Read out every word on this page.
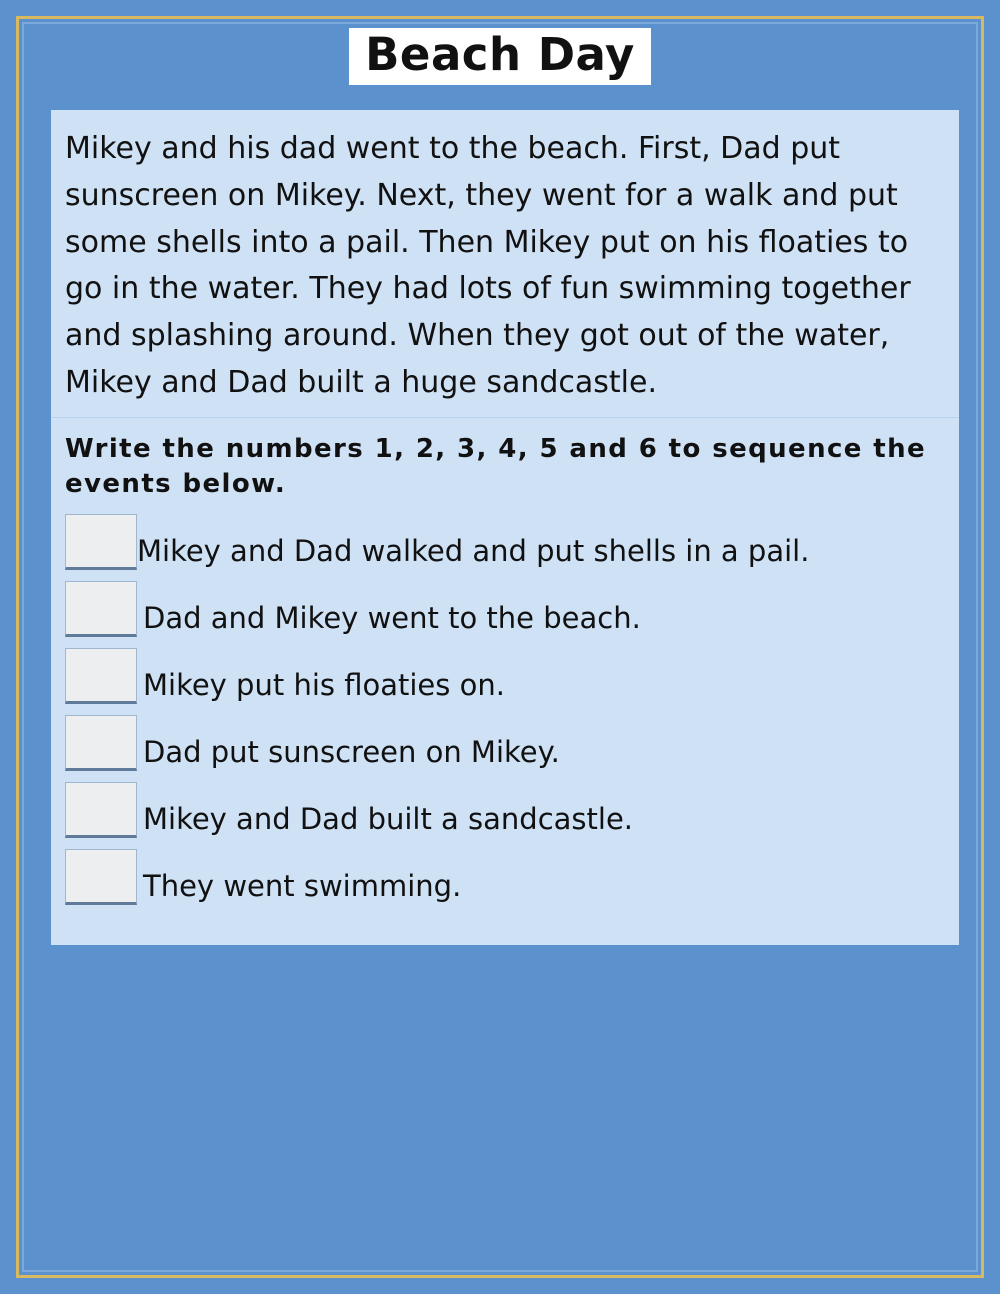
Beach Day
Mikey and his dad went to the beach. First, Dad put sunscreen on Mikey. Next, they went for a walk and put some shells into a pail. Then Mikey put on his floaties to go in the water. They had lots of fun swimming together and splashing around. When they got out of the water, Mikey and Dad built a huge sandcastle.
Write the numbers 1, 2, 3, 4, 5 and 6 to sequence the events below.
Mikey and Dad walked and put shells in a pail.
Dad and Mikey went to the beach.
Mikey put his floaties on.
Dad put sunscreen on Mikey.
Mikey and Dad built a sandcastle.
They went swimming.
